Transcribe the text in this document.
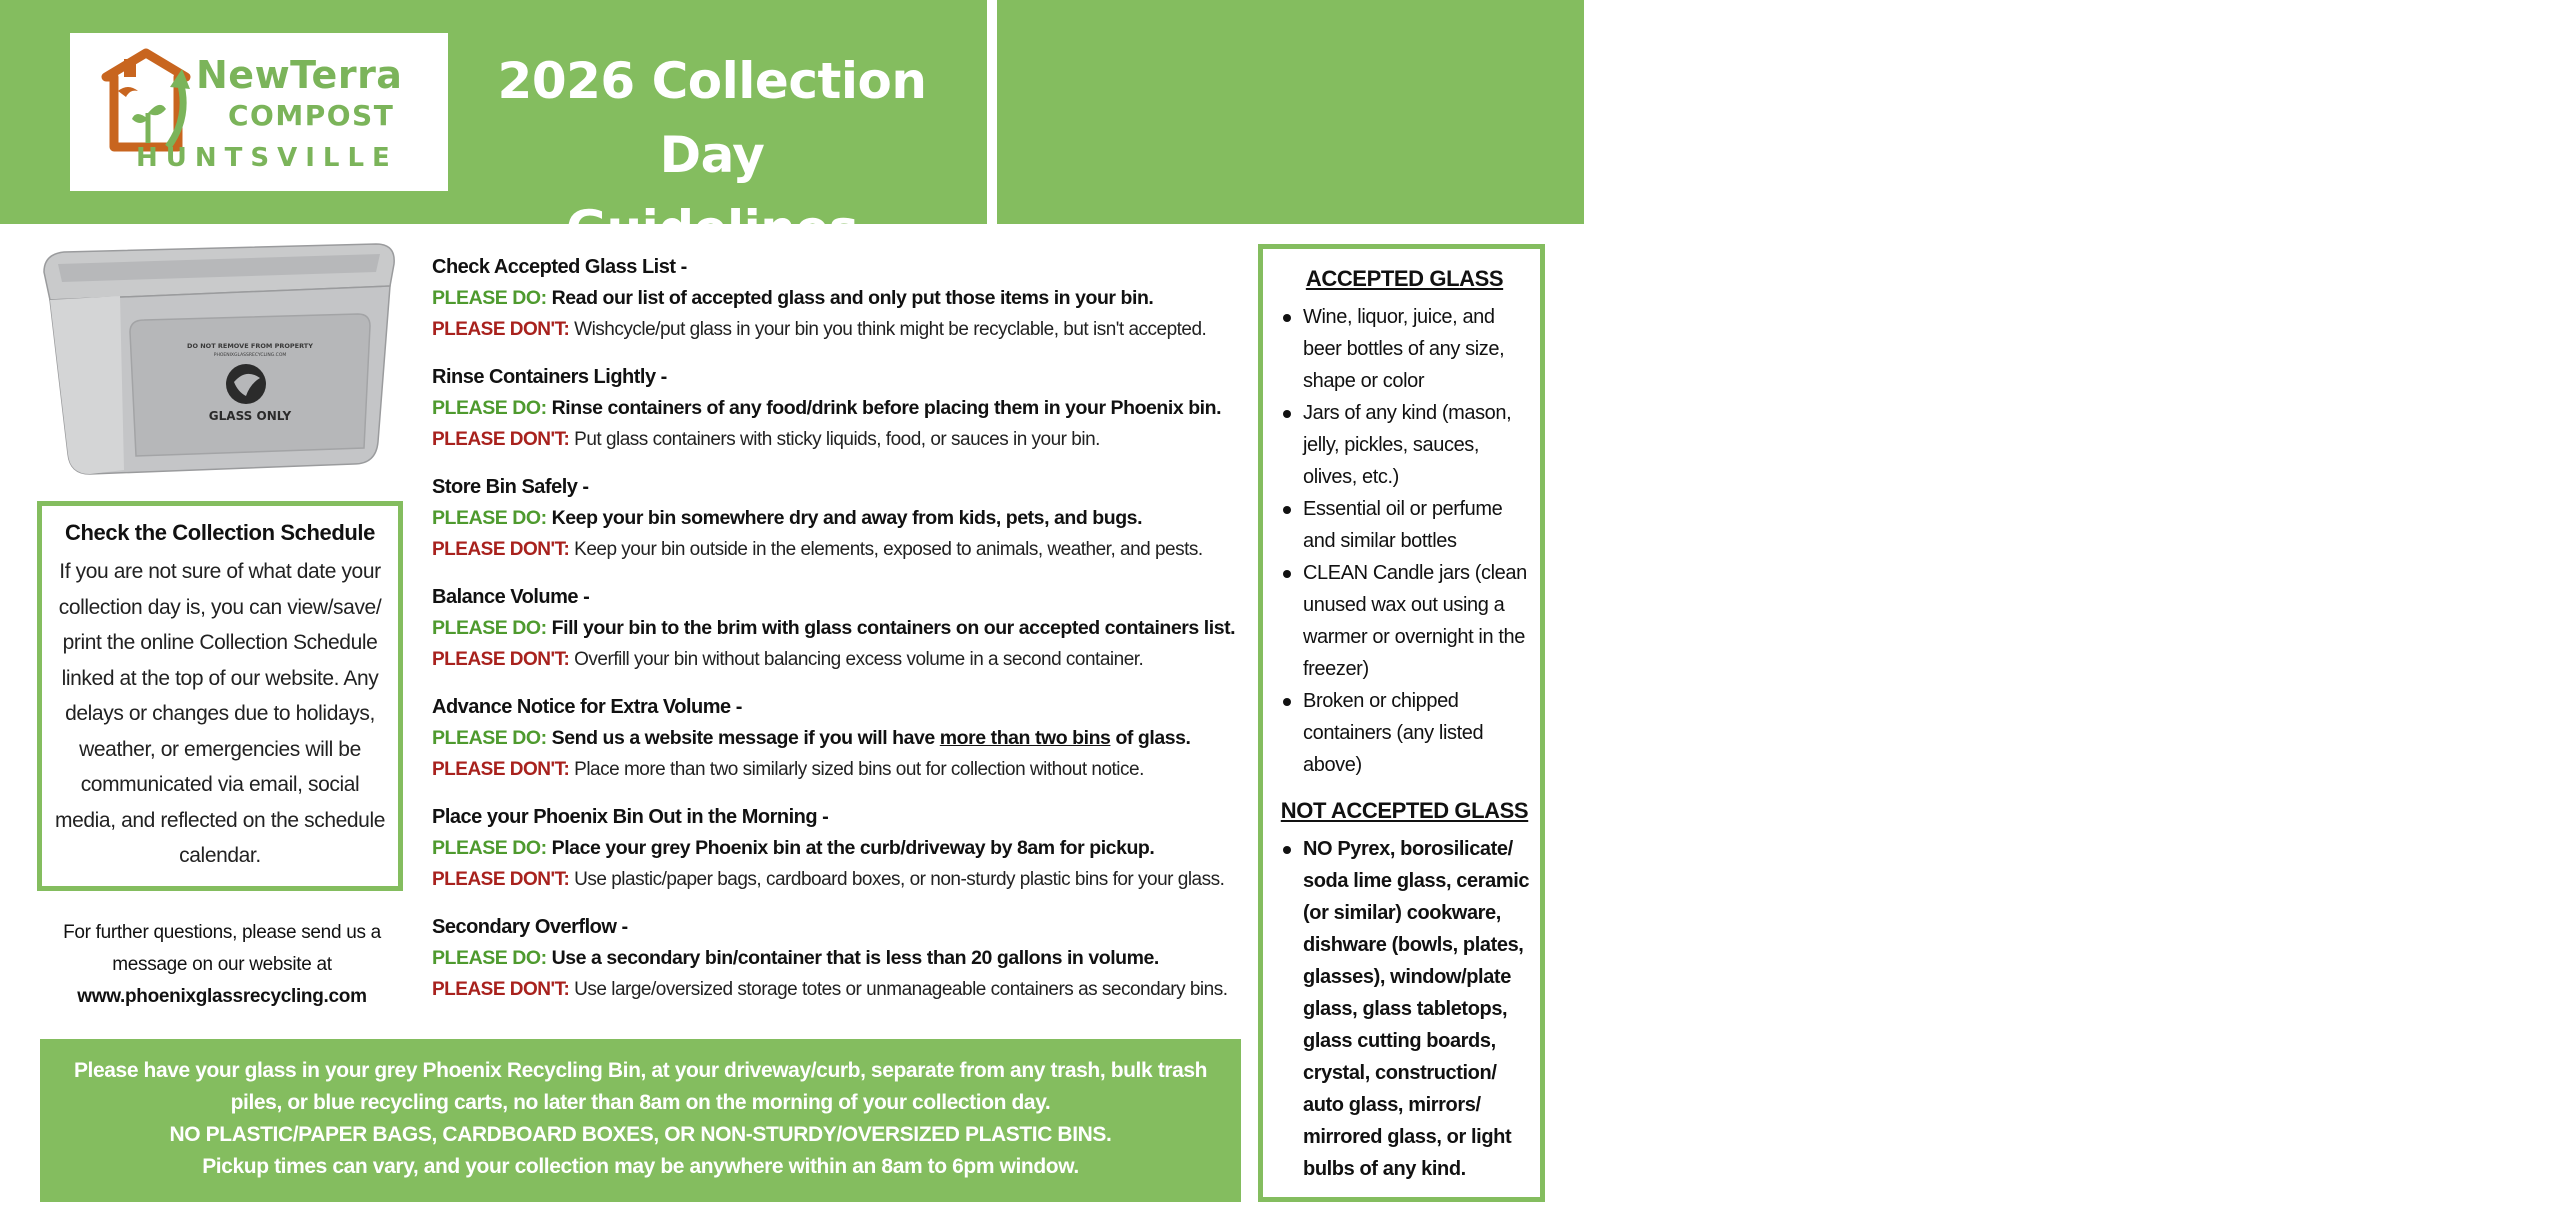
NewTerra
COMPOST
HUNTSVILLE
2026 Collection Day
Guidelines
Please Review to Prevent
Contamination and
Incomplete Collections
DO NOT REMOVE FROM PROPERTY
PHOENIXGLASSRECYCLING.COM
GLASS ONLY
Check the Collection Schedule
If you are not sure of what date your collection day is, you can view/save/ print the online Collection Schedule linked at the top of our website. Any delays or changes due to holidays, weather, or emergencies will be communicated via email, social media, and reflected on the schedule calendar.
For further questions, please send us a
message on our website at
www.phoenixglassrecycling.com
Check Accepted Glass List -
PLEASE DO: Read our list of accepted glass and only put those items in your bin.
PLEASE DON'T: Wishcycle/put glass in your bin you think might be recyclable, but isn't accepted.
Rinse Containers Lightly -
PLEASE DO: Rinse containers of any food/drink before placing them in your Phoenix bin.
PLEASE DON'T: Put glass containers with sticky liquids, food, or sauces in your bin.
Store Bin Safely -
PLEASE DO: Keep your bin somewhere dry and away from kids, pets, and bugs.
PLEASE DON'T: Keep your bin outside in the elements, exposed to animals, weather, and pests.
Balance Volume -
PLEASE DO: Fill your bin to the brim with glass containers on our accepted containers list.
PLEASE DON'T: Overfill your bin without balancing excess volume in a second container.
Advance Notice for Extra Volume -
PLEASE DO: Send us a website message if you will have more than two bins of glass.
PLEASE DON'T: Place more than two similarly sized bins out for collection without notice.
Place your Phoenix Bin Out in the Morning -
PLEASE DO: Place your grey Phoenix bin at the curb/driveway by 8am for pickup.
PLEASE DON'T: Use plastic/paper bags, cardboard boxes, or non-sturdy plastic bins for your glass.
Secondary Overflow -
PLEASE DO: Use a secondary bin/container that is less than 20 gallons in volume.
PLEASE DON'T: Use large/oversized storage totes or unmanageable containers as secondary bins.
Please have your glass in your grey Phoenix Recycling Bin, at your driveway/curb, separate from any trash, bulk trash
piles, or blue recycling carts, no later than 8am on the morning of your collection day.
NO PLASTIC/PAPER BAGS, CARDBOARD BOXES, OR NON-STURDY/OVERSIZED PLASTIC BINS.
Pickup times can vary, and your collection may be anywhere within an 8am to 6pm window.
ACCEPTED GLASS
Wine, liquor, juice, and beer bottles of any size, shape or color
Jars of any kind (mason, jelly, pickles, sauces, olives, etc.)
Essential oil or perfume and similar bottles
CLEAN Candle jars (clean unused wax out using a warmer or overnight in the freezer)
Broken or chipped containers (any listed above)
NOT ACCEPTED GLASS
NO Pyrex, borosilicate/ soda lime glass, ceramic (or similar) cookware, dishware (bowls, plates, glasses), window/plate glass, glass tabletops, glass cutting boards, crystal, construction/ auto glass, mirrors/ mirrored glass, or light bulbs of any kind.
